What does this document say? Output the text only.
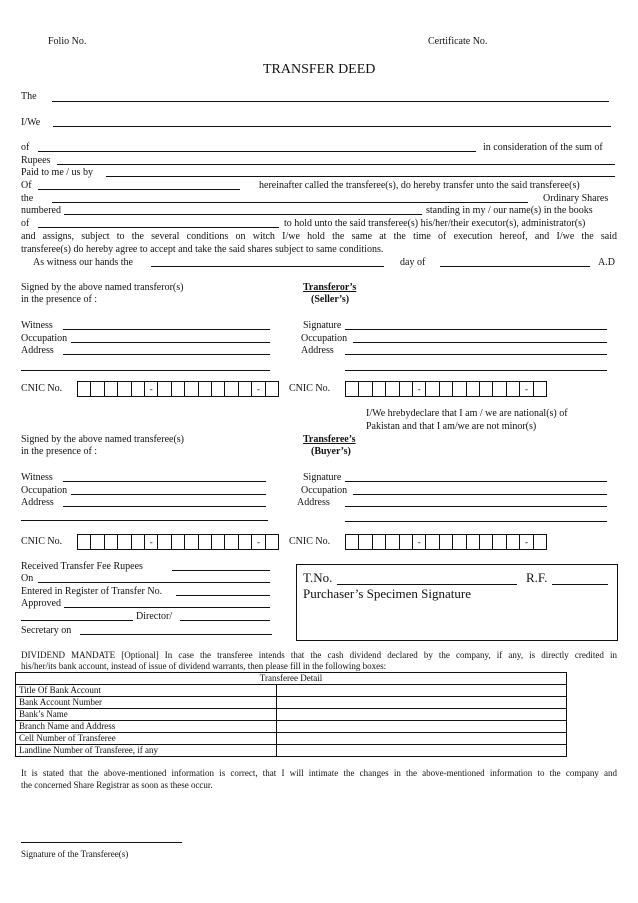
Folio No.	Certificate No.
TRANSFER DEED
The
I/We
of	in consideration of the sum of
Rupees
Paid to me / us by
Of	hereinafter called the transferee(s), do hereby transfer unto the said transferee(s)
the	Ordinary Shares
numbered	standing in my / our name(s) in the books
of	to hold unto the said transferee(s) his/her/their executor(s), administrator(s)
and assigns, subject to the several conditions on witch I/we hold the same at the time of execution hereof, and I/we the said
transferee(s) do hereby agree to accept and take the said shares subject to same conditions.
As witness our hands the	day of	A.D
Signed by the above named transferor(s)
in the presence of :
Transferor’s
(Seller’s)
Witness
Occupation
Address
Signature
Occupation
Address
CNIC No.	-	-	CNIC No.	-	-
I/We hrebydeclare that I am / we are national(s) of
Pakistan and that I am/we are not minor(s)
Signed by the above named transferee(s)
in the presence of :
Transferee’s
(Buyer’s)
Witness
Occupation
Address
Signature
Occupation
Address
CNIC No.	-	-	CNIC No.	-	-
Received Transfer Fee Rupees
On
Entered in Register of Transfer No.
Approved
Director/
Secretary on
T.No.	R.F.
Purchaser’s Specimen Signature
DIVIDEND MANDATE [Optional] In case the transferee intends that the cash dividend declared by the company, if any, is directly credited in
his/her/its bank account, instead of issue of dividend warrants, then please fill in the following boxes:
Transferee Detail	
Title Of Bank Account	
Bank Account Number	
Bank’s Name	
Branch Name and Address	
Cell Number of Transferee	
Landline Number of Transferee, if any	
It is stated that the above-mentioned information is correct, that I will intimate the changes in the above-mentioned information to the company and
the concerned Share Registrar as soon as these occur.
Signature of the Transferee(s)
